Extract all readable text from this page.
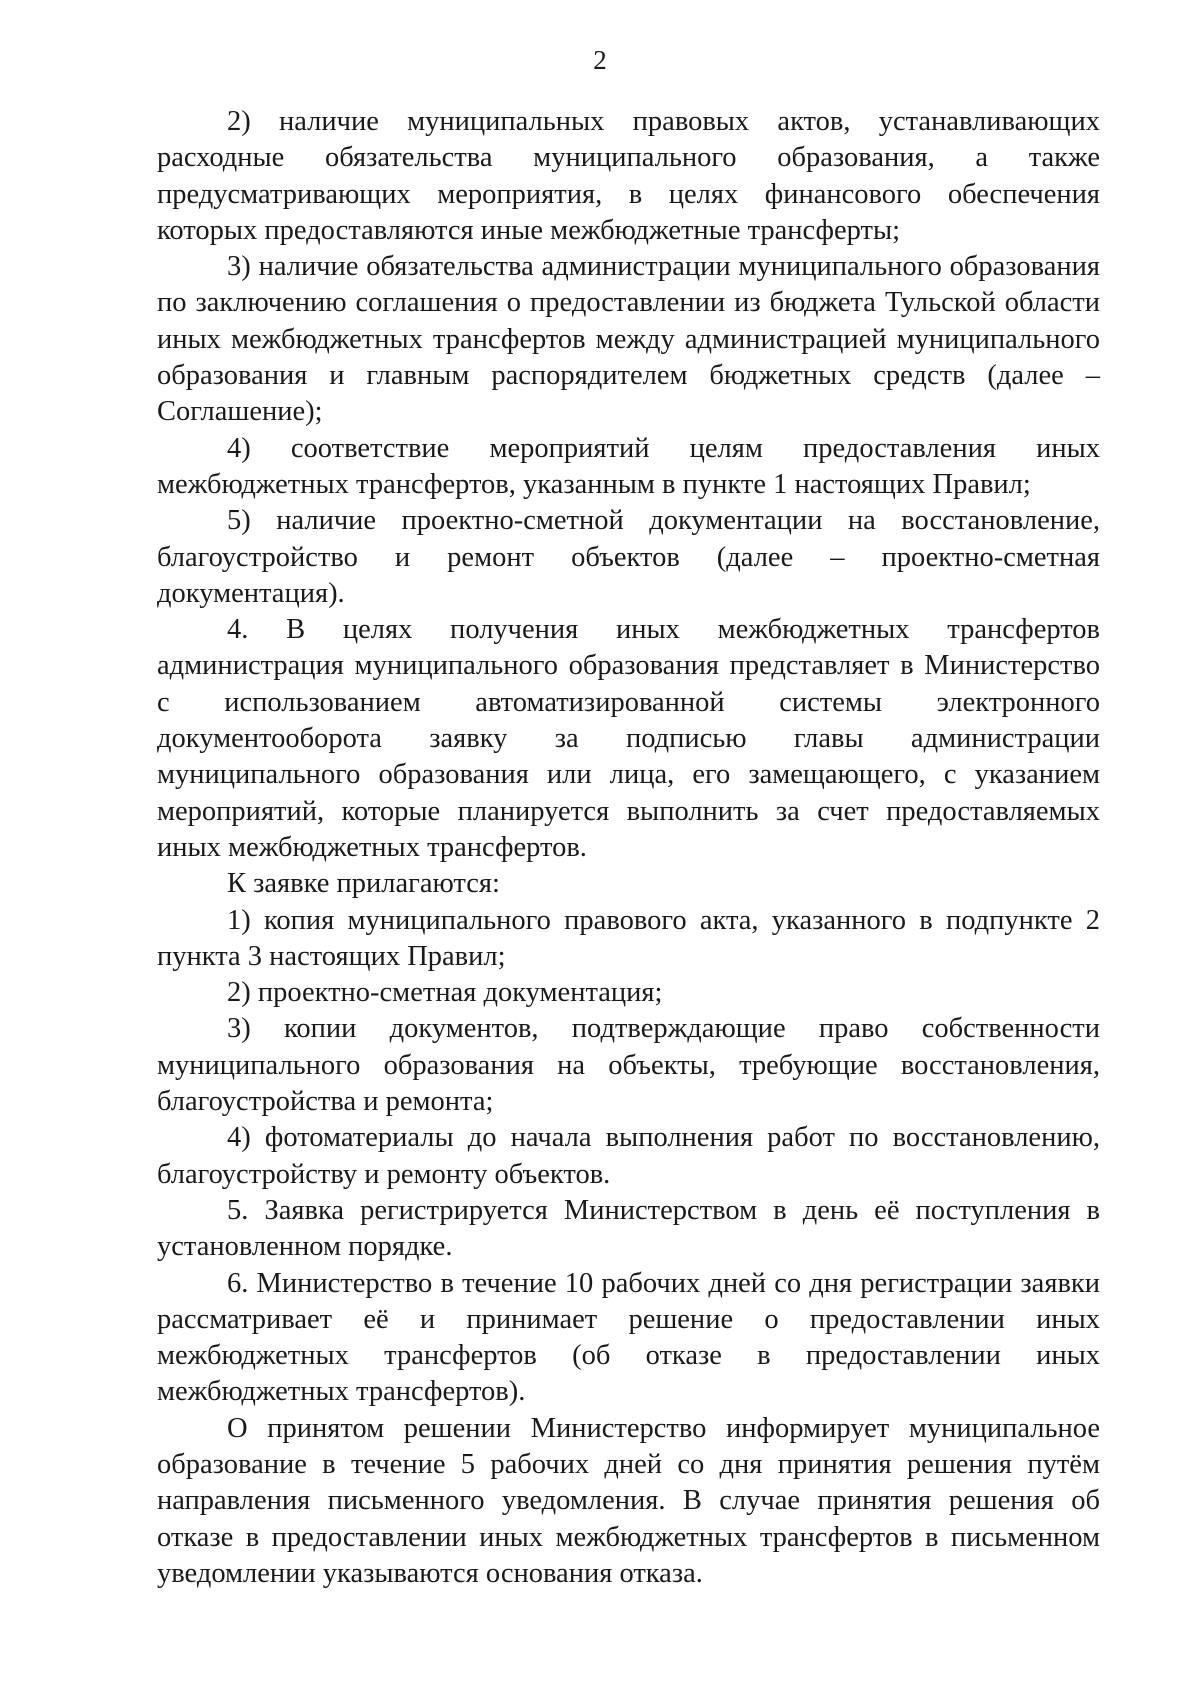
2

2) наличие муниципальных правовых актов, устанавливающих расходные обязательства муниципального образования, а также предусматривающих мероприятия, в целях финансового обеспечения которых предоставляются иные межбюджетные трансферты;

3) наличие обязательства администрации муниципального образования по заключению соглашения о предоставлении из бюджета Тульской области иных межбюджетных трансфертов между администрацией муниципального образования и главным распорядителем бюджетных средств (далее – Соглашение);

4) соответствие мероприятий целям предоставления иных межбюджетных трансфертов, указанным в пункте 1 настоящих Правил;

5) наличие проектно-сметной документации на восстановление, благоустройство и ремонт объектов (далее – проектно-сметная документация).

4. В целях получения иных межбюджетных трансфертов администрация муниципального образования представляет в Министерство с использованием автоматизированной системы электронного документооборота заявку за подписью главы администрации муниципального образования или лица, его замещающего, с указанием мероприятий, которые планируется выполнить за счет предоставляемых иных межбюджетных трансфертов.

К заявке прилагаются:

1) копия муниципального правового акта, указанного в подпункте 2 пункта 3 настоящих Правил;

2) проектно-сметная документация;

3) копии документов, подтверждающие право собственности муниципального образования на объекты, требующие восстановления, благоустройства и ремонта;

4) фотоматериалы до начала выполнения работ по восстановлению, благоустройству и ремонту объектов.

5. Заявка регистрируется Министерством в день её поступления в установленном порядке.

6. Министерство в течение 10 рабочих дней со дня регистрации заявки рассматривает её и принимает решение о предоставлении иных межбюджетных трансфертов (об отказе в предоставлении иных межбюджетных трансфертов).

О принятом решении Министерство информирует муниципальное образование в течение 5 рабочих дней со дня принятия решения путём направления письменного уведомления. В случае принятия решения об отказе в предоставлении иных межбюджетных трансфертов в письменном уведомлении указываются основания отказа.
